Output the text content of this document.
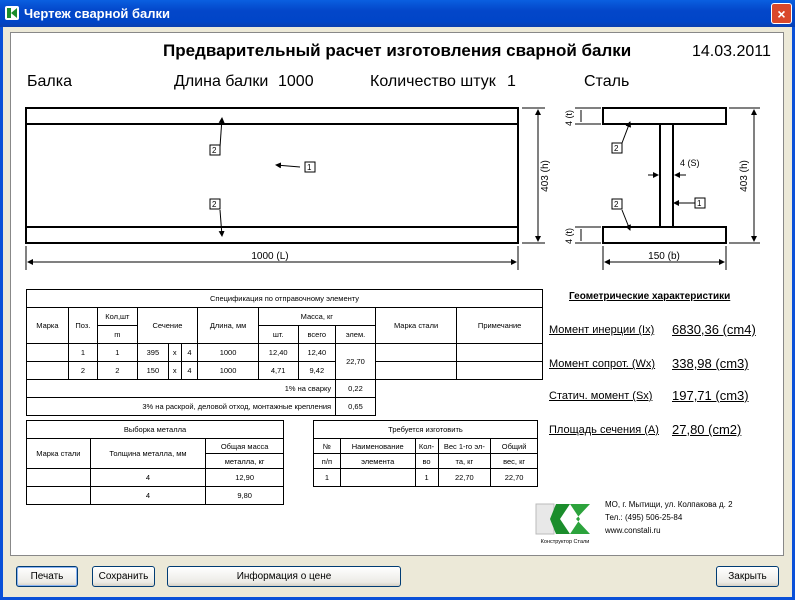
Чертеж сварной балки	×
Предварительный расчет изготовления сварной балки	14.03.2011
Балка	Длина балки 1000	Количество штук 1	Сталь
2
1
2
2
1
2
1000 (L)	150 (b)
4 (S)
403 (h)	403 (h)
4 (t)
4 (t)
Спецификация по отправочному элементу											
Марка	Поз.	Кол,шт	Сечение			Длина, мм	Масса, кг			Марка стали	Примечание
		m					шт.	всего	элем.		
	1	1	395	x	4	1000	12,40	12,40	22,70		
	2	2	150	x	4	1000	4,71	9,42			
1% на сварку									0,22		
3% на раскрой, деловой отход, монтажные крепления									0,65		
Выборка металла		
Марка стали	Толщина металла, мм	Общая масса
		металла, кг
	4	12,90
	4	9,80
Требуется изготовить				
№	Наименование	Кол-	Вес 1-го эл-	Общий
п/п	элемента	во	та, кг	вес, кг
1		1	22,70	22,70
Геометрические характеристики
Момент инерции (Ix) 6830,36 (cm4)
Момент сопрот. (Wx) 338,98 (cm3)
Статич. момент (Sx) 197,71 (cm3)
Площадь сечения (A) 27,80 (cm2)
Конструктор Стали
МО, г. Мытищи, ул. Колпакова д. 2
Тел.: (495) 506-25-84
www.constali.ru
Печать	Сохранить	Информация о цене	Закрыть
